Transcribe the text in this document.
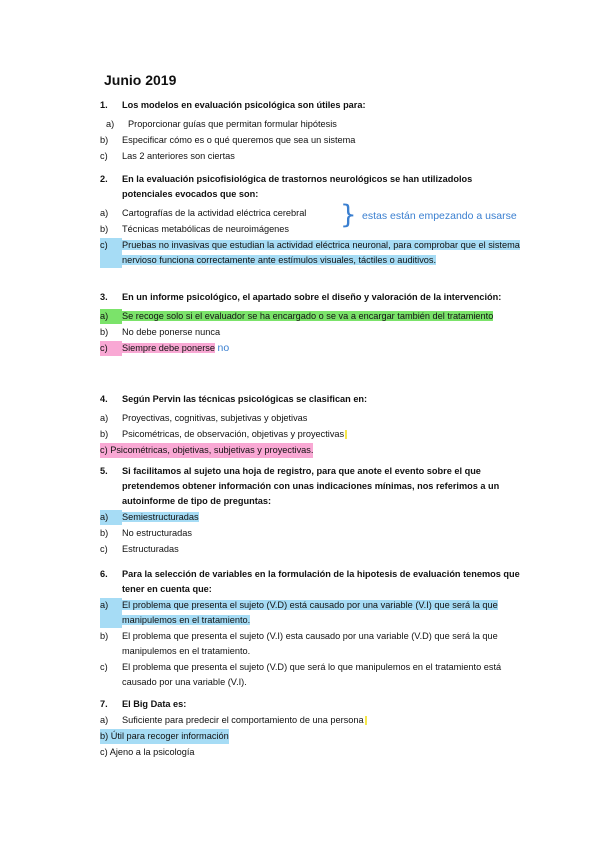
Junio 2019
1.	Los modelos en evaluación psicológica son útiles para:
a)	Proporcionar guías que permitan formular hipótesis
b)	Especificar cómo es o qué queremos que sea un sistema
c)	Las 2 anteriores son ciertas
2.	En la evaluación psicofisiológica de trastornos neurológicos se han utilizadolos potenciales evocados que son:
a)	Cartografías de la actividad eléctrica cerebral
b)	Técnicas metabólicas de neuroimágenes
c)	Pruebas no invasivas que estudian la actividad eléctrica neuronal, para comprobar que el sistema nervioso funciona correctamente ante estímulos visuales, táctiles o auditivos.
} estas están empezando a usarse
3.	En un informe psicológico, el apartado sobre el diseño y valoración de la intervención:
a)	Se recoge solo si el evaluador se ha encargado o se va a encargar también del tratamiento
b)	No debe ponerse nunca
c)	Siempre debe ponerse no
4.	Según Pervin las técnicas psicológicas se clasifican en:
a)	Proyectivas, cognitivas, subjetivas y objetivas
b)	Psicométricas, de observación, objetivas y proyectivas
c) Psicométricas, objetivas, subjetivas y proyectivas.
5.	Si facilitamos al sujeto una hoja de registro, para que anote el evento sobre el que pretendemos obtener información con unas indicaciones mínimas, nos referimos a un autoinforme de tipo de preguntas:
a)	Semiestructuradas
b)	No estructuradas
c)	Estructuradas
6.	Para la selección de variables en la formulación de la hipotesis de evaluación tenemos que tener en cuenta que:
a)	El problema que presenta el sujeto (V.D) está causado por una variable (V.I) que será la que manipulemos en el tratamiento.
b)	El problema que presenta el sujeto (V.I) esta causado por una variable (V.D) que será la que manipulemos en el tratamiento.
c)	El problema que presenta el sujeto (V.D) que será lo que manipulemos en el tratamiento está causado por una variable (V.I).
7.	El Big Data es:
a)	Suficiente para predecir el comportamiento de una persona
b) Útil para recoger información
c) Ajeno a la psicología
